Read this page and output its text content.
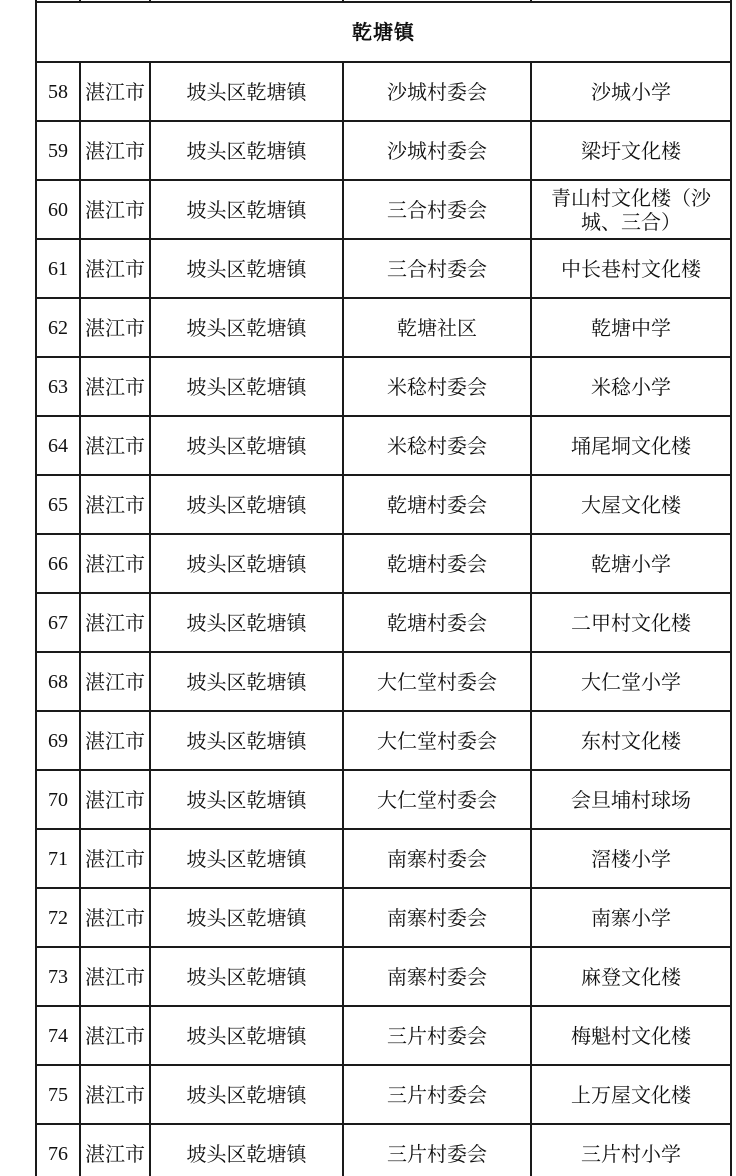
乾塘镇				
58	湛江市	坡头区乾塘镇	沙城村委会	沙城小学
59	湛江市	坡头区乾塘镇	沙城村委会	梁圩文化楼
60	湛江市	坡头区乾塘镇	三合村委会	青山村文化楼（沙城、三合）
61	湛江市	坡头区乾塘镇	三合村委会	中长巷村文化楼
62	湛江市	坡头区乾塘镇	乾塘社区	乾塘中学
63	湛江市	坡头区乾塘镇	米稔村委会	米稔小学
64	湛江市	坡头区乾塘镇	米稔村委会	埇尾垌文化楼
65	湛江市	坡头区乾塘镇	乾塘村委会	大屋文化楼
66	湛江市	坡头区乾塘镇	乾塘村委会	乾塘小学
67	湛江市	坡头区乾塘镇	乾塘村委会	二甲村文化楼
68	湛江市	坡头区乾塘镇	大仁堂村委会	大仁堂小学
69	湛江市	坡头区乾塘镇	大仁堂村委会	东村文化楼
70	湛江市	坡头区乾塘镇	大仁堂村委会	会旦埔村球场
71	湛江市	坡头区乾塘镇	南寨村委会	滘楼小学
72	湛江市	坡头区乾塘镇	南寨村委会	南寨小学
73	湛江市	坡头区乾塘镇	南寨村委会	麻登文化楼
74	湛江市	坡头区乾塘镇	三片村委会	梅魁村文化楼
75	湛江市	坡头区乾塘镇	三片村委会	上万屋文化楼
76	湛江市	坡头区乾塘镇	三片村委会	三片村小学
